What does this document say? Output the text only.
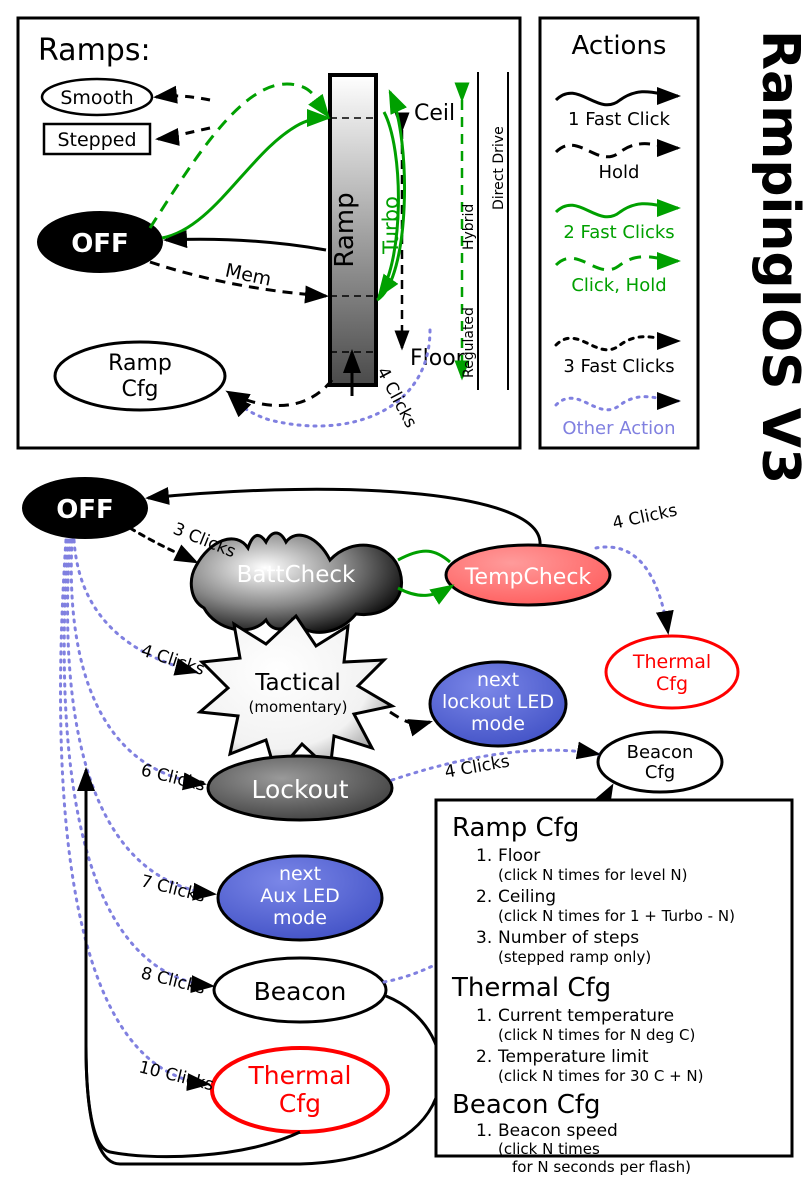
RampingIOS V3
Ramps:
Ramp
Ceil
Floor
Turbo
Regulated
Hybrid
Direct Drive
Smooth
Stepped
OFF
Ramp
Cfg
Mem
4 Clicks
Actions
1 Fast Click
Hold
2 Fast Clicks
Click, Hold
3 Fast Clicks
Other Action
OFF
BattCheck	TempCheck
Tactical
(momentary)
next
lockout LED
mode
Lockout
next
Aux LED
mode
Beacon
Thermal
Cfg
Thermal
Cfg
Beacon
Cfg
3 Clicks
4 Clicks
6 Clicks
7 Clicks
8 Clicks
10 Clicks
4 Clicks
4 Clicks
Ramp Cfg
1. Floor
(click N times for level N)
2. Ceiling
(click N times for 1 + Turbo - N)
3. Number of steps
(stepped ramp only)
Thermal Cfg
1. Current temperature
(click N times for N deg C)
2. Temperature limit
(click N times for 30 C + N)
Beacon Cfg
1. Beacon speed
(click N times
for N seconds per flash)
